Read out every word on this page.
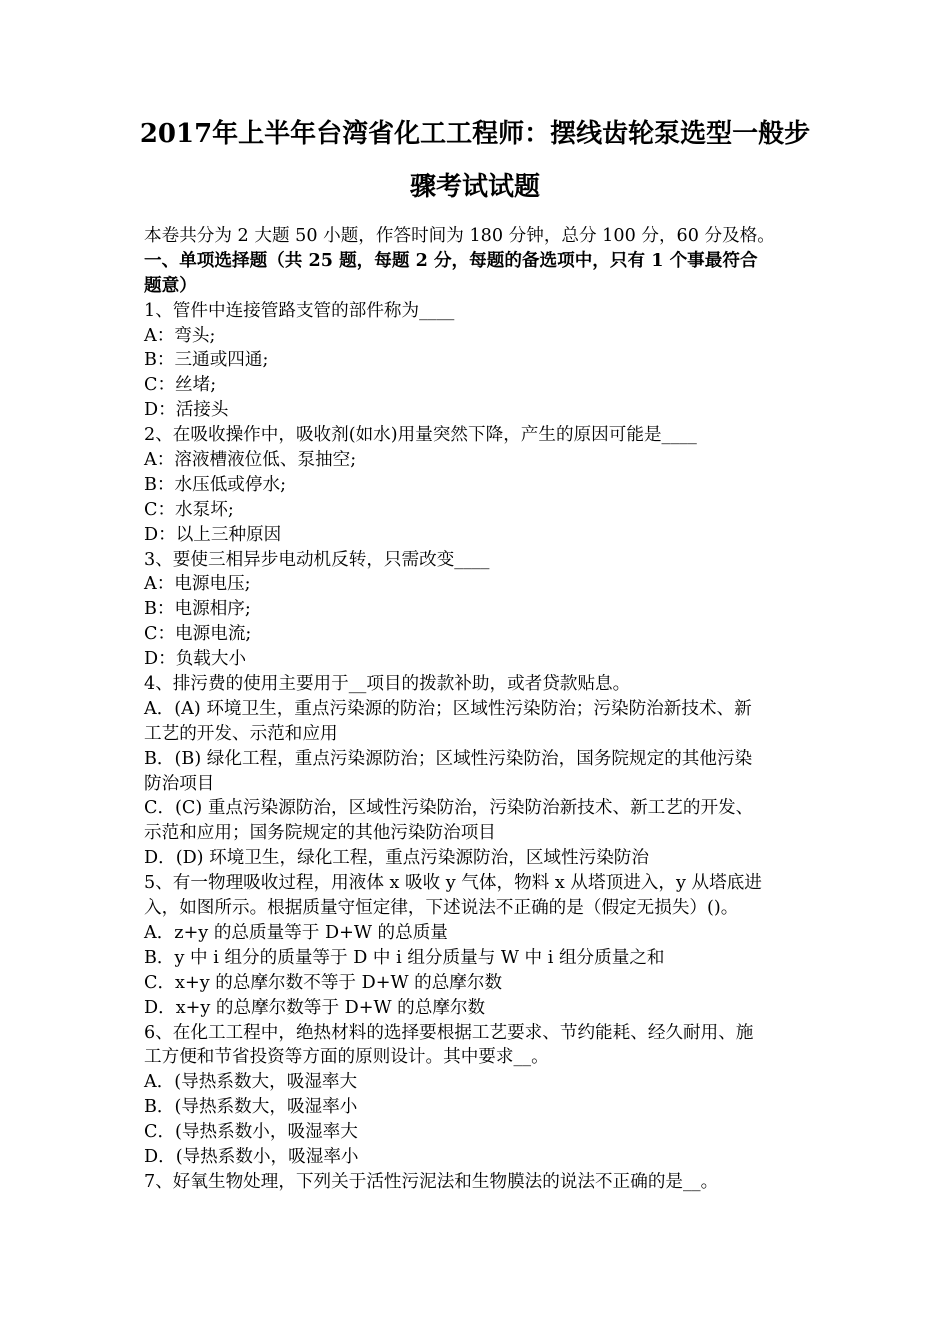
2017年上半年台湾省化工工程师：摆线齿轮泵选型一般步
骤考试试题
本卷共分为 2 大题 50 小题，作答时间为 180 分钟，总分 100 分，60 分及格。
一、单项选择题（共 25 题，每题 2 分，每题的备选项中，只有 1 个事最符合
题意）
1、管件中连接管路支管的部件称为____
A：弯头;
B：三通或四通;
C：丝堵;
D：活接头
2、在吸收操作中，吸收剂(如水)用量突然下降，产生的原因可能是____
A：溶液槽液位低、泵抽空;
B：水压低或停水;
C：水泵坏;
D：以上三种原因
3、要使三相异步电动机反转，只需改变____
A：电源电压;
B：电源相序;
C：电源电流;
D：负载大小
4、排污费的使用主要用于__项目的拨款补助，或者贷款贴息。
A．(A) 环境卫生，重点污染源的防治；区域性污染防治；污染防治新技术、新
工艺的开发、示范和应用
B．(B) 绿化工程，重点污染源防治；区域性污染防治，国务院规定的其他污染
防治项目
C．(C) 重点污染源防治，区域性污染防治，污染防治新技术、新工艺的开发、
示范和应用；国务院规定的其他污染防治项目
D．(D) 环境卫生，绿化工程，重点污染源防治，区域性污染防治
5、有一物理吸收过程，用液体 x 吸收 y 气体，物料 x 从塔顶进入，y 从塔底进
入，如图所示。根据质量守恒定律，下述说法不正确的是（假定无损失）()。
A．z+y 的总质量等于 D+W 的总质量
B．y 中 i 组分的质量等于 D 中 i 组分质量与 W 中 i 组分质量之和
C．x+y 的总摩尔数不等于 D+W 的总摩尔数
D．x+y 的总摩尔数等于 D+W 的总摩尔数
6、在化工工程中，绝热材料的选择要根据工艺要求、节约能耗、经久耐用、施
工方便和节省投资等方面的原则设计。其中要求__。
A．(导热系数大，吸湿率大
B．(导热系数大，吸湿率小
C．(导热系数小，吸湿率大
D．(导热系数小，吸湿率小
7、好氧生物处理，下列关于活性污泥法和生物膜法的说法不正确的是__。
